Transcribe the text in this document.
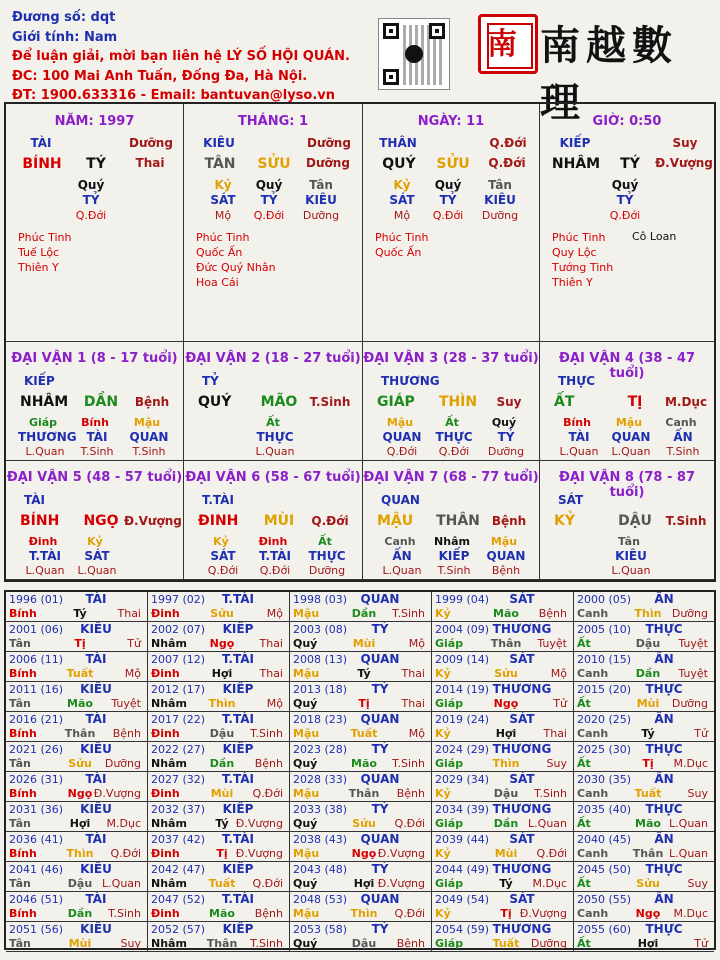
Đương số: dqt
Giới tính: Nam
Để luận giải, mời bạn liên hệ LÝ SỐ HỘI QUÁN.
ĐC: 100 Mai Anh Tuấn, Đống Đa, Hà Nội.
ĐT: 1900.633316 - Email: bantuvan@lyso.vn
南 南越數理
NĂM: 1997
TÀI	Dưỡng
BÍNH	TÝ	Thai
Quý
TỶ
Q.Đới
Phúc Tinh
Tuế Lộc
Thiên Y
THÁNG: 1
KIÊU	Dưỡng
TÂN	SỬU	Dưỡng
Kỷ	Quý	Tân
SÁT	TỶ	KIÊU
Mộ	Q.Đới	Dưỡng
Phúc Tinh
Quốc Ấn
Đức Quý Nhân
Hoa Cái
NGÀY: 11
THÂN	Q.Đới
QUÝ	SỬU	Q.Đới
Kỷ	Quý	Tân
SÁT	TỶ	KIÊU
Mộ	Q.Đới	Dưỡng
Phúc Tinh
Quốc Ấn
GIỜ: 0:50
KIẾP	Suy
NHÂM	TÝ	Đ.Vượng
Quý
TỶ
Q.Đới
Phúc Tinh
Quy Lộc
Tướng Tinh
Thiên Y
Cô Loan
ĐẠI VẬN 1 (8 - 17 tuổi)
KIẾP
NHÂM	DẦN	Bệnh
Giáp	Bính	Mậu
THƯƠNG TÀI	QUAN
L.Quan	T.Sinh	T.Sinh
ĐẠI VẬN 2 (18 - 27 tuổi)
TỶ
QUÝ	MÃO	T.Sinh
Ất
THỰC
L.Quan
ĐẠI VẬN 3 (28 - 37 tuổi)
THƯƠNG
GIÁP	THÌN	Suy
Mậu	Ất	Quý
QUAN	THỰC	TỶ
Q.Đới	Q.Đới	Dưỡng
ĐẠI VẬN 4 (38 - 47 tuổi)
THỰC
ẤT	TỊ	M.Dục
Bính	Mậu	Canh
TÀI	QUAN	ẤN
L.Quan	L.Quan	T.Sinh
ĐẠI VẬN 5 (48 - 57 tuổi)
TÀI
BÍNH	NGỌ Đ.Vượng
Đinh	Kỷ
T.TÀI	SÁT
L.Quan	L.Quan
ĐẠI VẬN 6 (58 - 67 tuổi)
T.TÀI
ĐINH	MÙI	Q.Đới
Kỷ	Đinh	Ất
SÁT	T.TÀI	THỰC
Q.Đới	Q.Đới	Dưỡng
ĐẠI VẬN 7 (68 - 77 tuổi)
QUAN
MẬU THÂN Bệnh
Canh	Nhâm	Mậu
ẤN	KIẾP	QUAN
L.Quan	T.Sinh	Bệnh
ĐẠI VẬN 8 (78 - 87 tuổi)
SÁT
KỶ	DẬU	T.Sinh
Tân
KIÊU
L.Quan
1996 (01)	TÀI
Bính	Tý	Thai
1997 (02)	T.TÀI
Đinh	Sửu	Mộ
1998 (03)	QUAN
Mậu	Dần	T.Sinh
1999 (04)	SÁT
Kỷ	Mão	Bệnh
2000 (05)	ẤN
Canh	Thìn Dưỡng
2001 (06)	KIÊU
Tân	Tị	Tử
2002 (07)	KIẾP
Nhâm	Ngọ	Thai
2003 (08)	TỶ
Quý	Mùi	Mộ
2004 (09) THƯƠNG
Giáp	Thân Tuyệt
2005 (10)	THỰC
Ất	Dậu	Tuyệt
2006 (11)	TÀI
Bính	Tuất	Mộ
2007 (12)	T.TÀI
Đinh	Hợi	Thai
2008 (13)	QUAN
Mậu	Tý	Thai
2009 (14)	SÁT
Kỷ	Sửu	Mộ
2010 (15)	ẤN
Canh	Dần	Tuyệt
2011 (16)	KIÊU
Tân	Mão	Tuyệt
2012 (17)	KIẾP
Nhâm	Thìn	Mộ
2013 (18)	TỶ
Quý	Tị	Thai
2014 (19) THƯƠNG
Giáp	Ngọ	Tử
2015 (20)	THỰC
Ất	Mùi	Dưỡng
2016 (21)	TÀI
Bính	Thân Bệnh
2017 (22)	T.TÀI
Đinh	Dậu	T.Sinh
2018 (23)	QUAN
Mậu	Tuất	Mộ
2019 (24)	SÁT
Kỷ	Hợi	Thai
2020 (25)	ẤN
Canh	Tý	Tử
2021 (26)	KIÊU
Tân	Sửu	Dưỡng
2022 (27)	KIẾP
Nhâm	Dần	Bệnh
2023 (28)	TỶ
Quý	Mão	T.Sinh
2024 (29) THƯƠNG
Giáp	Thìn	Suy
2025 (30)	THỰC
Ất	Tị	M.Dục
2026 (31)	TÀI
Bính	Ngọ Đ.Vượng
2027 (32)	T.TÀI
Đinh	Mùi	Q.Đới
2028 (33)	QUAN
Mậu	Thân Bệnh
2029 (34)	SÁT
Kỷ	Dậu	T.Sinh
2030 (35)	ẤN
Canh	Tuất	Suy
2031 (36)	KIÊU
Tân	Hợi	M.Dục
2032 (37)	KIẾP
Nhâm	Tý Đ.Vượng
2033 (38)	TỶ
Quý	Sửu	Q.Đới
2034 (39) THƯƠNG
Giáp	Dần L.Quan
2035 (40)	THỰC
Ất	Mão L.Quan
2036 (41)	TÀI
Bính	Thìn	Q.Đới
2037 (42)	T.TÀI
Đinh	Tị Đ.Vượng
2038 (43)	QUAN
Mậu	Ngọ Đ.Vượng
2039 (44)	SÁT
Kỷ	Mùi	Q.Đới
2040 (45)	ẤN
Canh Thân L.Quan
2041 (46)	KIÊU
Tân	Dậu L.Quan
2042 (47)	KIẾP
Nhâm	Tuất	Q.Đới
2043 (48)	TỶ
Quý	Hợi Đ.Vượng
2044 (49) THƯƠNG
Giáp	Tý	M.Dục
2045 (50)	THỰC
Ất	Sửu	Suy
2046 (51)	TÀI
Bính	Dần	T.Sinh
2047 (52)	T.TÀI
Đinh	Mão	Bệnh
2048 (53)	QUAN
Mậu	Thìn	Q.Đới
2049 (54)	SÁT
Kỷ	Tị Đ.Vượng
2050 (55)	ẤN
Canh	Ngọ	M.Dục
2051 (56)	KIÊU
Tân	Mùi	Suy
2052 (57)	KIẾP
Nhâm Thân T.Sinh
2053 (58)	TỶ
Quý	Dậu	Bệnh
2054 (59) THƯƠNG
Giáp	Tuất	Dưỡng
2055 (60)	THỰC
Ất	Hợi	Tử
